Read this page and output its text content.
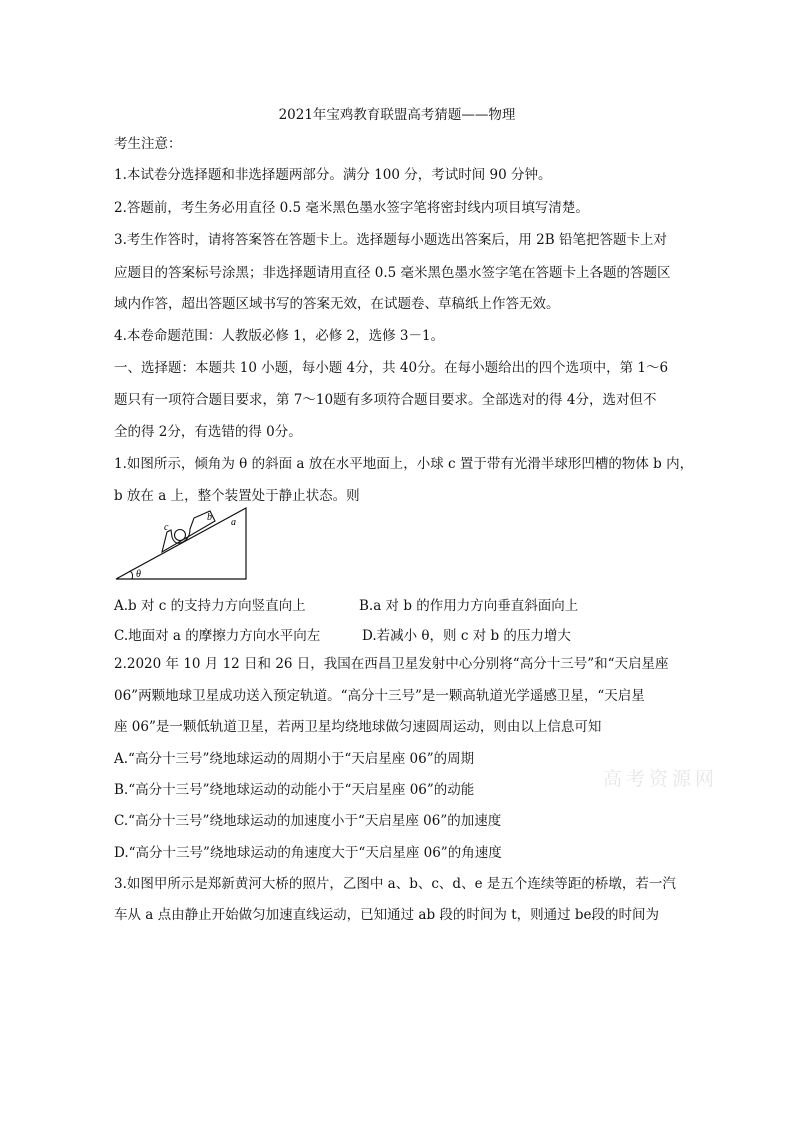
2021年宝鸡教育联盟高考猜题——物理
考生注意：
1.本试卷分选择题和非选择题两部分。满分 100 分，考试时间 90 分钟。
2.答题前，考生务必用直径 0.5 毫米黑色墨水签字笔将密封线内项目填写清楚。
3.考生作答时，请将答案答在答题卡上。选择题每小题选出答案后，用 2B 铅笔把答题卡上对
应题目的答案标号涂黑；非选择题请用直径 0.5 毫米黑色墨水签字笔在答题卡上各题的答题区
域内作答，超出答题区域书写的答案无效，在试题卷、草稿纸上作答无效。
4.本卷命题范围：人教版必修 1，必修 2，选修 3－1。
一、选择题：本题共 10 小题，每小题 4分，共 40分。在每小题给出的四个选项中，第 1～6
题只有一项符合题目要求，第 7～10题有多项符合题目要求。全部选对的得 4分，选对但不
全的得 2分，有选错的得 0分。
1.如图所示，倾角为 θ 的斜面 a 放在水平地面上，小球 c 置于带有光滑半球形凹槽的物体 b 内，
b 放在 a 上，整个装置处于静止状态。则
c
b a
θ
A.b 对 c 的支持力方向竖直向上	B.a 对 b 的作用力方向垂直斜面向上
C.地面对 a 的摩擦力方向水平向左	D.若减小 θ，则 c 对 b 的压力增大
2.2020 年 10 月 12 日和 26 日，我国在西昌卫星发射中心分别将“高分十三号”和“天启星座
06”两颗地球卫星成功送入预定轨道。“高分十三号”是一颗高轨道光学遥感卫星，“天启星
座 06”是一颗低轨道卫星，若两卫星均绕地球做匀速圆周运动，则由以上信息可知
A.“高分十三号”绕地球运动的周期小于“天启星座 06”的周期
B.“高分十三号”绕地球运动的动能小于“天启星座 06”的动能
C.“高分十三号”绕地球运动的加速度小于“天启星座 06”的加速度
D.“高分十三号”绕地球运动的角速度大于“天启星座 06”的角速度
3.如图甲所示是郑新黄河大桥的照片，乙图中 a、b、c、d、e 是五个连续等距的桥墩，若一汽
车从 a 点由静止开始做匀加速直线运动，已知通过 ab 段的时间为 t，则通过 be段的时间为
高考资源网
